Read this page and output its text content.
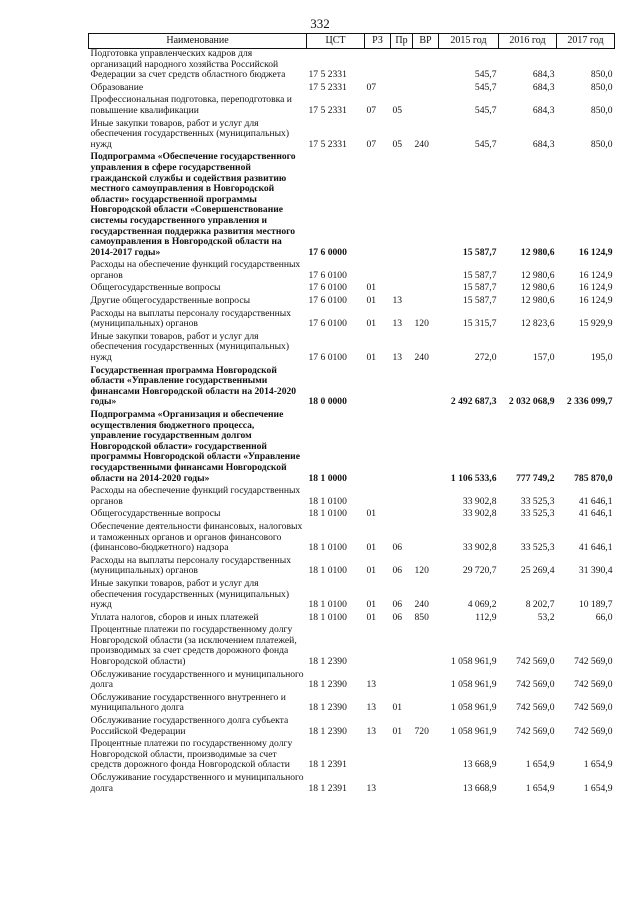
332
Наименование	ЦСТ	РЗ	Пр	ВР	2015 год	2016 год	2017 год
Подготовка управленческих кадров для организаций народного хозяйства Российской Федерации за счет средств областного бюджета	17 5 2331				545,7	684,3	850,0
Образование	17 5 2331	07			545,7	684,3	850,0
Профессиональная подготовка, переподготовка и повышение квалификации	17 5 2331	07	05		545,7	684,3	850,0
Иные закупки товаров, работ и услуг для обеспечения государственных (муниципальных) нужд	17 5 2331	07	05	240	545,7	684,3	850,0
Подпрограмма «Обеспечение государственного управления в сфере государственной гражданской службы и содействия развитию местного самоуправления в Новгородской области» государственной программы Новгородской области «Совершенствование системы государственного управления и государственная поддержка развития местного самоуправления в Новгородской области на 2014-2017 годы»	17 6 0000				15 587,7	12 980,6	16 124,9
Расходы на обеспечение функций государственных органов	17 6 0100				15 587,7	12 980,6	16 124,9
Общегосударственные вопросы	17 6 0100	01			15 587,7	12 980,6	16 124,9
Другие общегосударственные вопросы	17 6 0100	01	13		15 587,7	12 980,6	16 124,9
Расходы на выплаты персоналу государственных (муниципальных) органов	17 6 0100	01	13	120	15 315,7	12 823,6	15 929,9
Иные закупки товаров, работ и услуг для обеспечения государственных (муниципальных) нужд	17 6 0100	01	13	240	272,0	157,0	195,0
Государственная программа Новгородской области «Управление государственными финансами Новгородской области на 2014-2020 годы»	18 0 0000				2 492 687,3	2 032 068,9	2 336 099,7
Подпрограмма «Организация и обеспечение осуществления бюджетного процесса, управление государственным долгом Новгородской области» государственной программы Новгородской области «Управление государственными финансами Новгородской области на 2014-2020 годы»	18 1 0000				1 106 533,6	777 749,2	785 870,0
Расходы на обеспечение функций государственных органов	18 1 0100				33 902,8	33 525,3	41 646,1
Общегосударственные вопросы	18 1 0100	01			33 902,8	33 525,3	41 646,1
Обеспечение деятельности финансовых, налоговых и таможенных органов и органов финансового (финансово-бюджетного) надзора	18 1 0100	01	06		33 902,8	33 525,3	41 646,1
Расходы на выплаты персоналу государственных (муниципальных) органов	18 1 0100	01	06	120	29 720,7	25 269,4	31 390,4
Иные закупки товаров, работ и услуг для обеспечения государственных (муниципальных) нужд	18 1 0100	01	06	240	4 069,2	8 202,7	10 189,7
Уплата налогов, сборов и иных платежей	18 1 0100	01	06	850	112,9	53,2	66,0
Процентные платежи по государственному долгу Новгородской области (за исключением платежей, производимых за счет средств дорожного фонда Новгородской области)	18 1 2390				1 058 961,9	742 569,0	742 569,0
Обслуживание государственного и муниципального долга	18 1 2390	13			1 058 961,9	742 569,0	742 569,0
Обслуживание государственного внутреннего и муниципального долга	18 1 2390	13	01		1 058 961,9	742 569,0	742 569,0
Обслуживание государственного долга субъекта Российской Федерации	18 1 2390	13	01	720	1 058 961,9	742 569,0	742 569,0
Процентные платежи по государственному долгу Новгородской области, производимые за счет средств дорожного фонда Новгородской области	18 1 2391				13 668,9	1 654,9	1 654,9
Обслуживание государственного и муниципального долга	18 1 2391	13			13 668,9	1 654,9	1 654,9
